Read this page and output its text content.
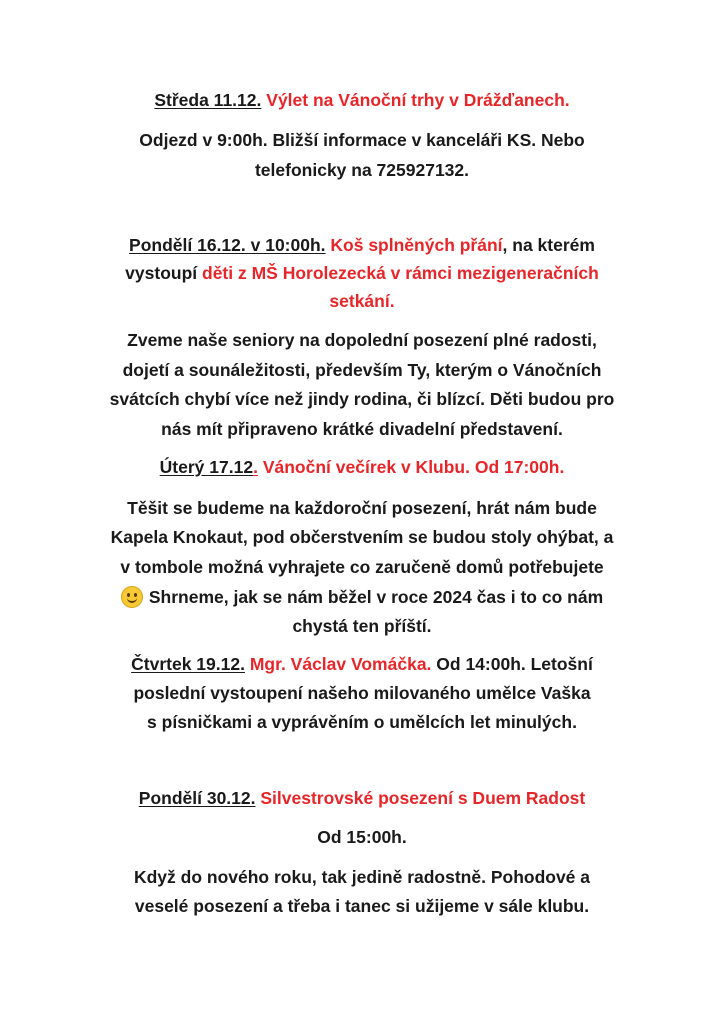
Středa 11.12. Výlet na Vánoční trhy v Drážďanech.
Odjezd v 9:00h. Bližší informace v kanceláři KS. Nebo
telefonicky na 725927132.
Pondělí 16.12. v 10:00h. Koš splněných přání, na kterém
vystoupí děti z MŠ Horolezecká v rámci mezigeneračních
setkání.
Zveme naše seniory na dopolední posezení plné radosti,
dojetí a sounáležitosti, především Ty, kterým o Vánočních
svátcích chybí více než jindy rodina, či blízcí. Děti budou pro
nás mít připraveno krátké divadelní představení.
Úterý 17.12. Vánoční večírek v Klubu. Od 17:00h.
Těšit se budeme na každoroční posezení, hrát nám bude
Kapela Knokaut, pod občerstvením se budou stoly ohýbat, a
v tombole možná vyhrajete co zaručeně domů potřebujete
Shrneme, jak se nám běžel v roce 2024 čas i to co nám
chystá ten příští.
Čtvrtek 19.12. Mgr. Václav Vomáčka. Od 14:00h. Letošní
poslední vystoupení našeho milovaného umělce Vaška
s písničkami a vyprávěním o umělcích let minulých.
Pondělí 30.12. Silvestrovské posezení s Duem Radost
Od 15:00h.
Když do nového roku, tak jedině radostně. Pohodové a
veselé posezení a třeba i tanec si užijeme v sále klubu.
